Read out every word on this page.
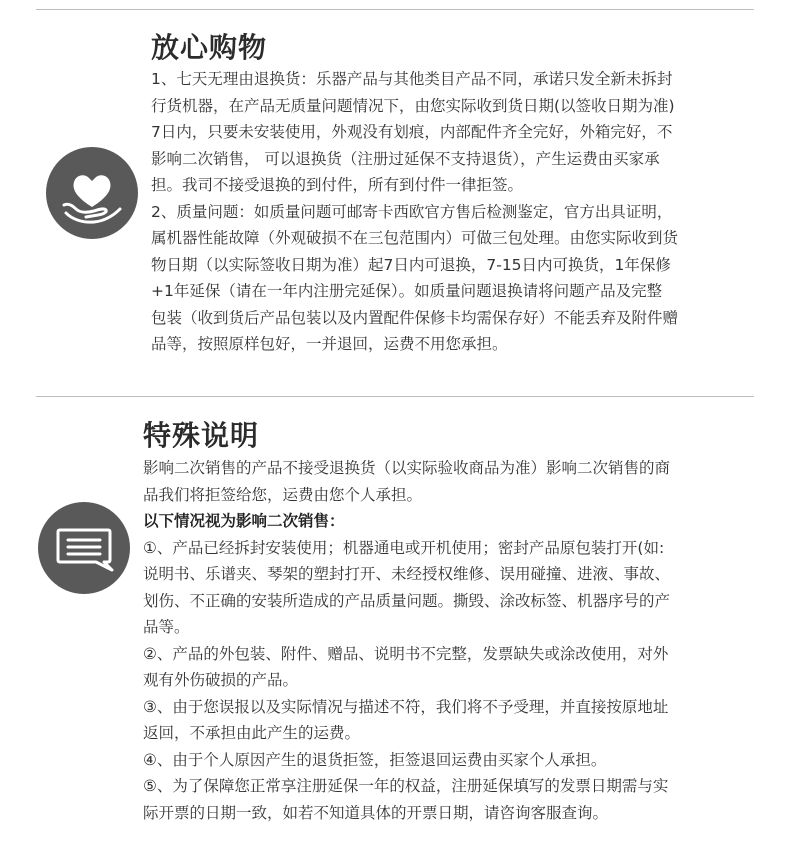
放心购物
1、七天无理由退换货：乐器产品与其他类目产品不同，承诺只发全新未拆封
行货机器，在产品无质量问题情况下，由您实际收到货日期(以签收日期为准)
7日内，只要未安装使用，外观没有划痕，内部配件齐全完好，外箱完好，不
影响二次销售， 可以退换货（注册过延保不支持退货），产生运费由买家承
担。我司不接受退换的到付件，所有到付件一律拒签。
2、质量问题：如质量问题可邮寄卡西欧官方售后检测鉴定，官方出具证明，
属机器性能故障（外观破损不在三包范围内）可做三包处理。由您实际收到货
物日期（以实际签收日期为准）起7日内可退换，7-15日内可换货，1年保修
+1年延保（请在一年内注册完延保）。如质量问题退换请将问题产品及完整
包装（收到货后产品包装以及内置配件保修卡均需保存好）不能丢弃及附件赠
品等，按照原样包好，一并退回，运费不用您承担。
特殊说明
影响二次销售的产品不接受退换货（以实际验收商品为准）影响二次销售的商
品我们将拒签给您，运费由您个人承担。
以下情况视为影响二次销售：
①、产品已经拆封安装使用；机器通电或开机使用；密封产品原包装打开(如:
说明书、乐谱夹、琴架的塑封打开、未经授权维修、误用碰撞、进液、事故、
划伤、不正确的安装所造成的产品质量问题。撕毁、涂改标签、机器序号的产
品等。
②、产品的外包装、附件、赠品、说明书不完整，发票缺失或涂改使用，对外
观有外伤破损的产品。
③、由于您误报以及实际情况与描述不符，我们将不予受理，并直接按原地址
返回，不承担由此产生的运费。
④、由于个人原因产生的退货拒签，拒签退回运费由买家个人承担。
⑤、为了保障您正常享注册延保一年的权益，注册延保填写的发票日期需与实
际开票的日期一致，如若不知道具体的开票日期，请咨询客服查询。
